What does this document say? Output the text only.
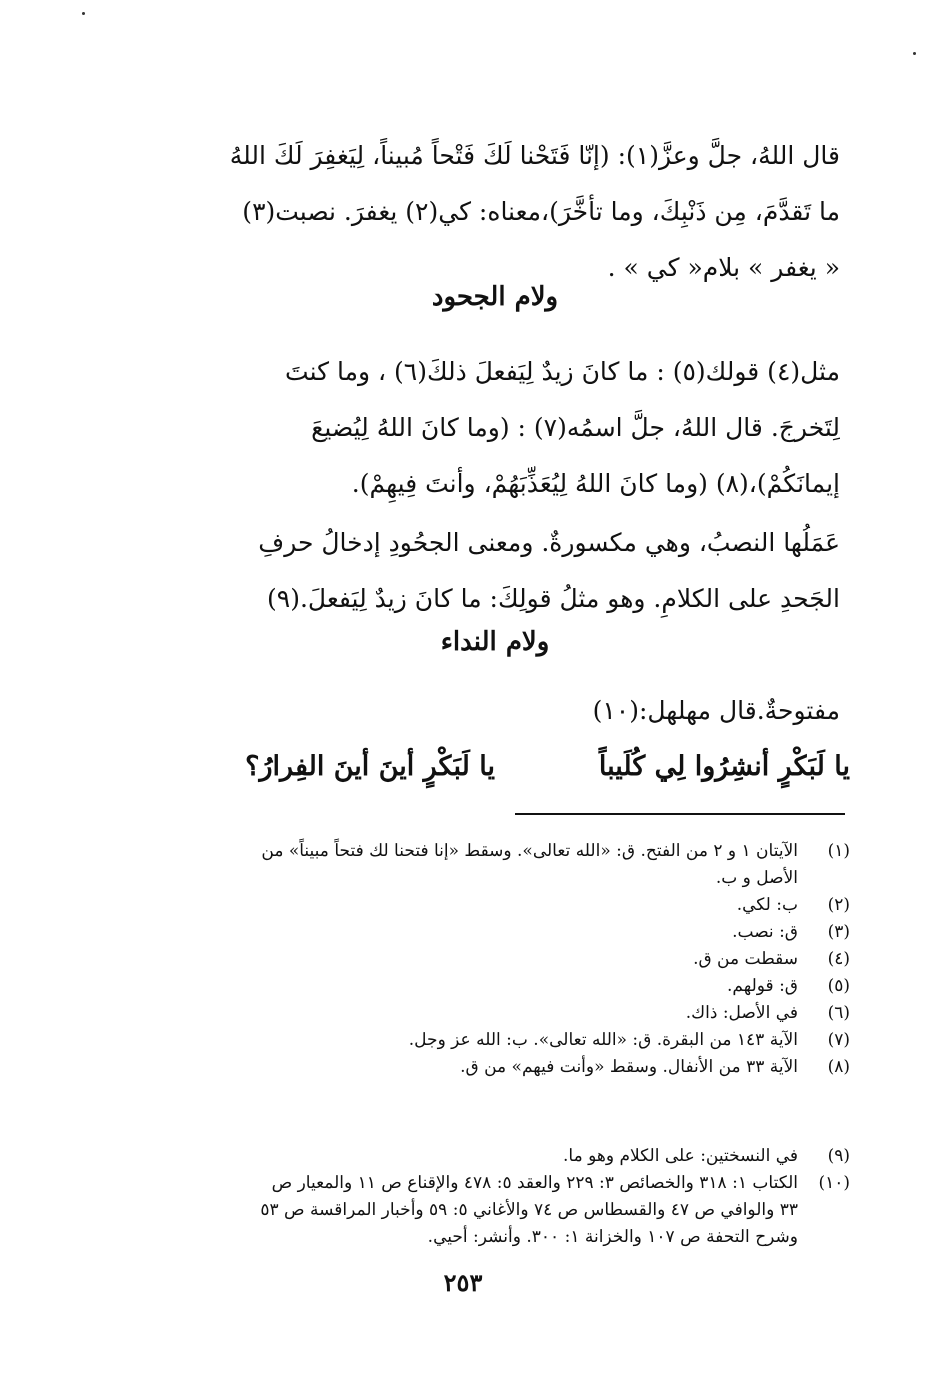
قال اللهُ، جلَّ وعزَّ(١): (إنّا فَتَحْنا لَكَ فَتْحاً مُبيناً، لِيَغفِرَ لَكَ اللهُ
ما تَقدَّمَ، مِن ذَنْبِكَ، وما تأخَّرَ)،معناه: كي(٢) يغفرَ. نصبت(٣)
« يغفر » بلام« كي » .
ولام الجحود
مثل(٤) قولك(٥) : ما كانَ زيدٌ لِيَفعلَ ذلكَ(٦) ، وما كنتَ
لِتَخرجَ. قال اللهُ، جلَّ اسمُه(٧) : (وما كانَ اللهُ لِيُضيعَ
إيمانَكُمْ)،(٨) (وما كانَ اللهُ لِيُعَذِّبَهُمْ، وأنتَ فِيهِمْ).
عَمَلُها النصبُ، وهي مكسورةٌ. ومعنى الجحُودِ إدخالُ حرفِ
الجَحدِ على الكلامِ. وهو مثلُ قولِكَ: ما كانَ زيدٌ لِيَفعلَ.(٩)
ولام النداء
مفتوحةٌ.قال مهلهل:(١٠)
يا لَبَكْرٍ أنشِرُوا لِي كُلَيباًيا لَبَكْرٍ أينَ أينَ الفِرارُ؟
(١)
الآيتان ١ و ٢ من الفتح. ق: «الله تعالى». وسقط «إنا فتحنا لك فتحاً مبيناً» من
الأصل و ب.
(٢)
ب: لكي.
(٣)
ق: نصب.
(٤)
سقطت من ق.
(٥)
ق: قولهم.
(٦)
في الأصل: ذاك.
(٧)
الآية ١٤٣ من البقرة. ق: «الله تعالى». ب: الله عز وجل.
(٨)
الآية ٣٣ من الأنفال. وسقط «وأنت فيهم» من ق.
(٩)
في النسختين: على الكلام وهو ما.
(١٠)
الكتاب ١: ٣١٨ والخصائص ٣: ٢٢٩ والعقد ٥: ٤٧٨ والإقناع ص ١١ والمعيار ص
٣٣ والوافي ص ٤٧ والقسطاس ص ٧٤ والأغاني ٥: ٥٩ وأخبار المراقسة ص ٥٣
وشرح التحفة ص ١٠٧ والخزانة ١: ٣٠٠. وأنشر: أحيي.
٢٥٣
